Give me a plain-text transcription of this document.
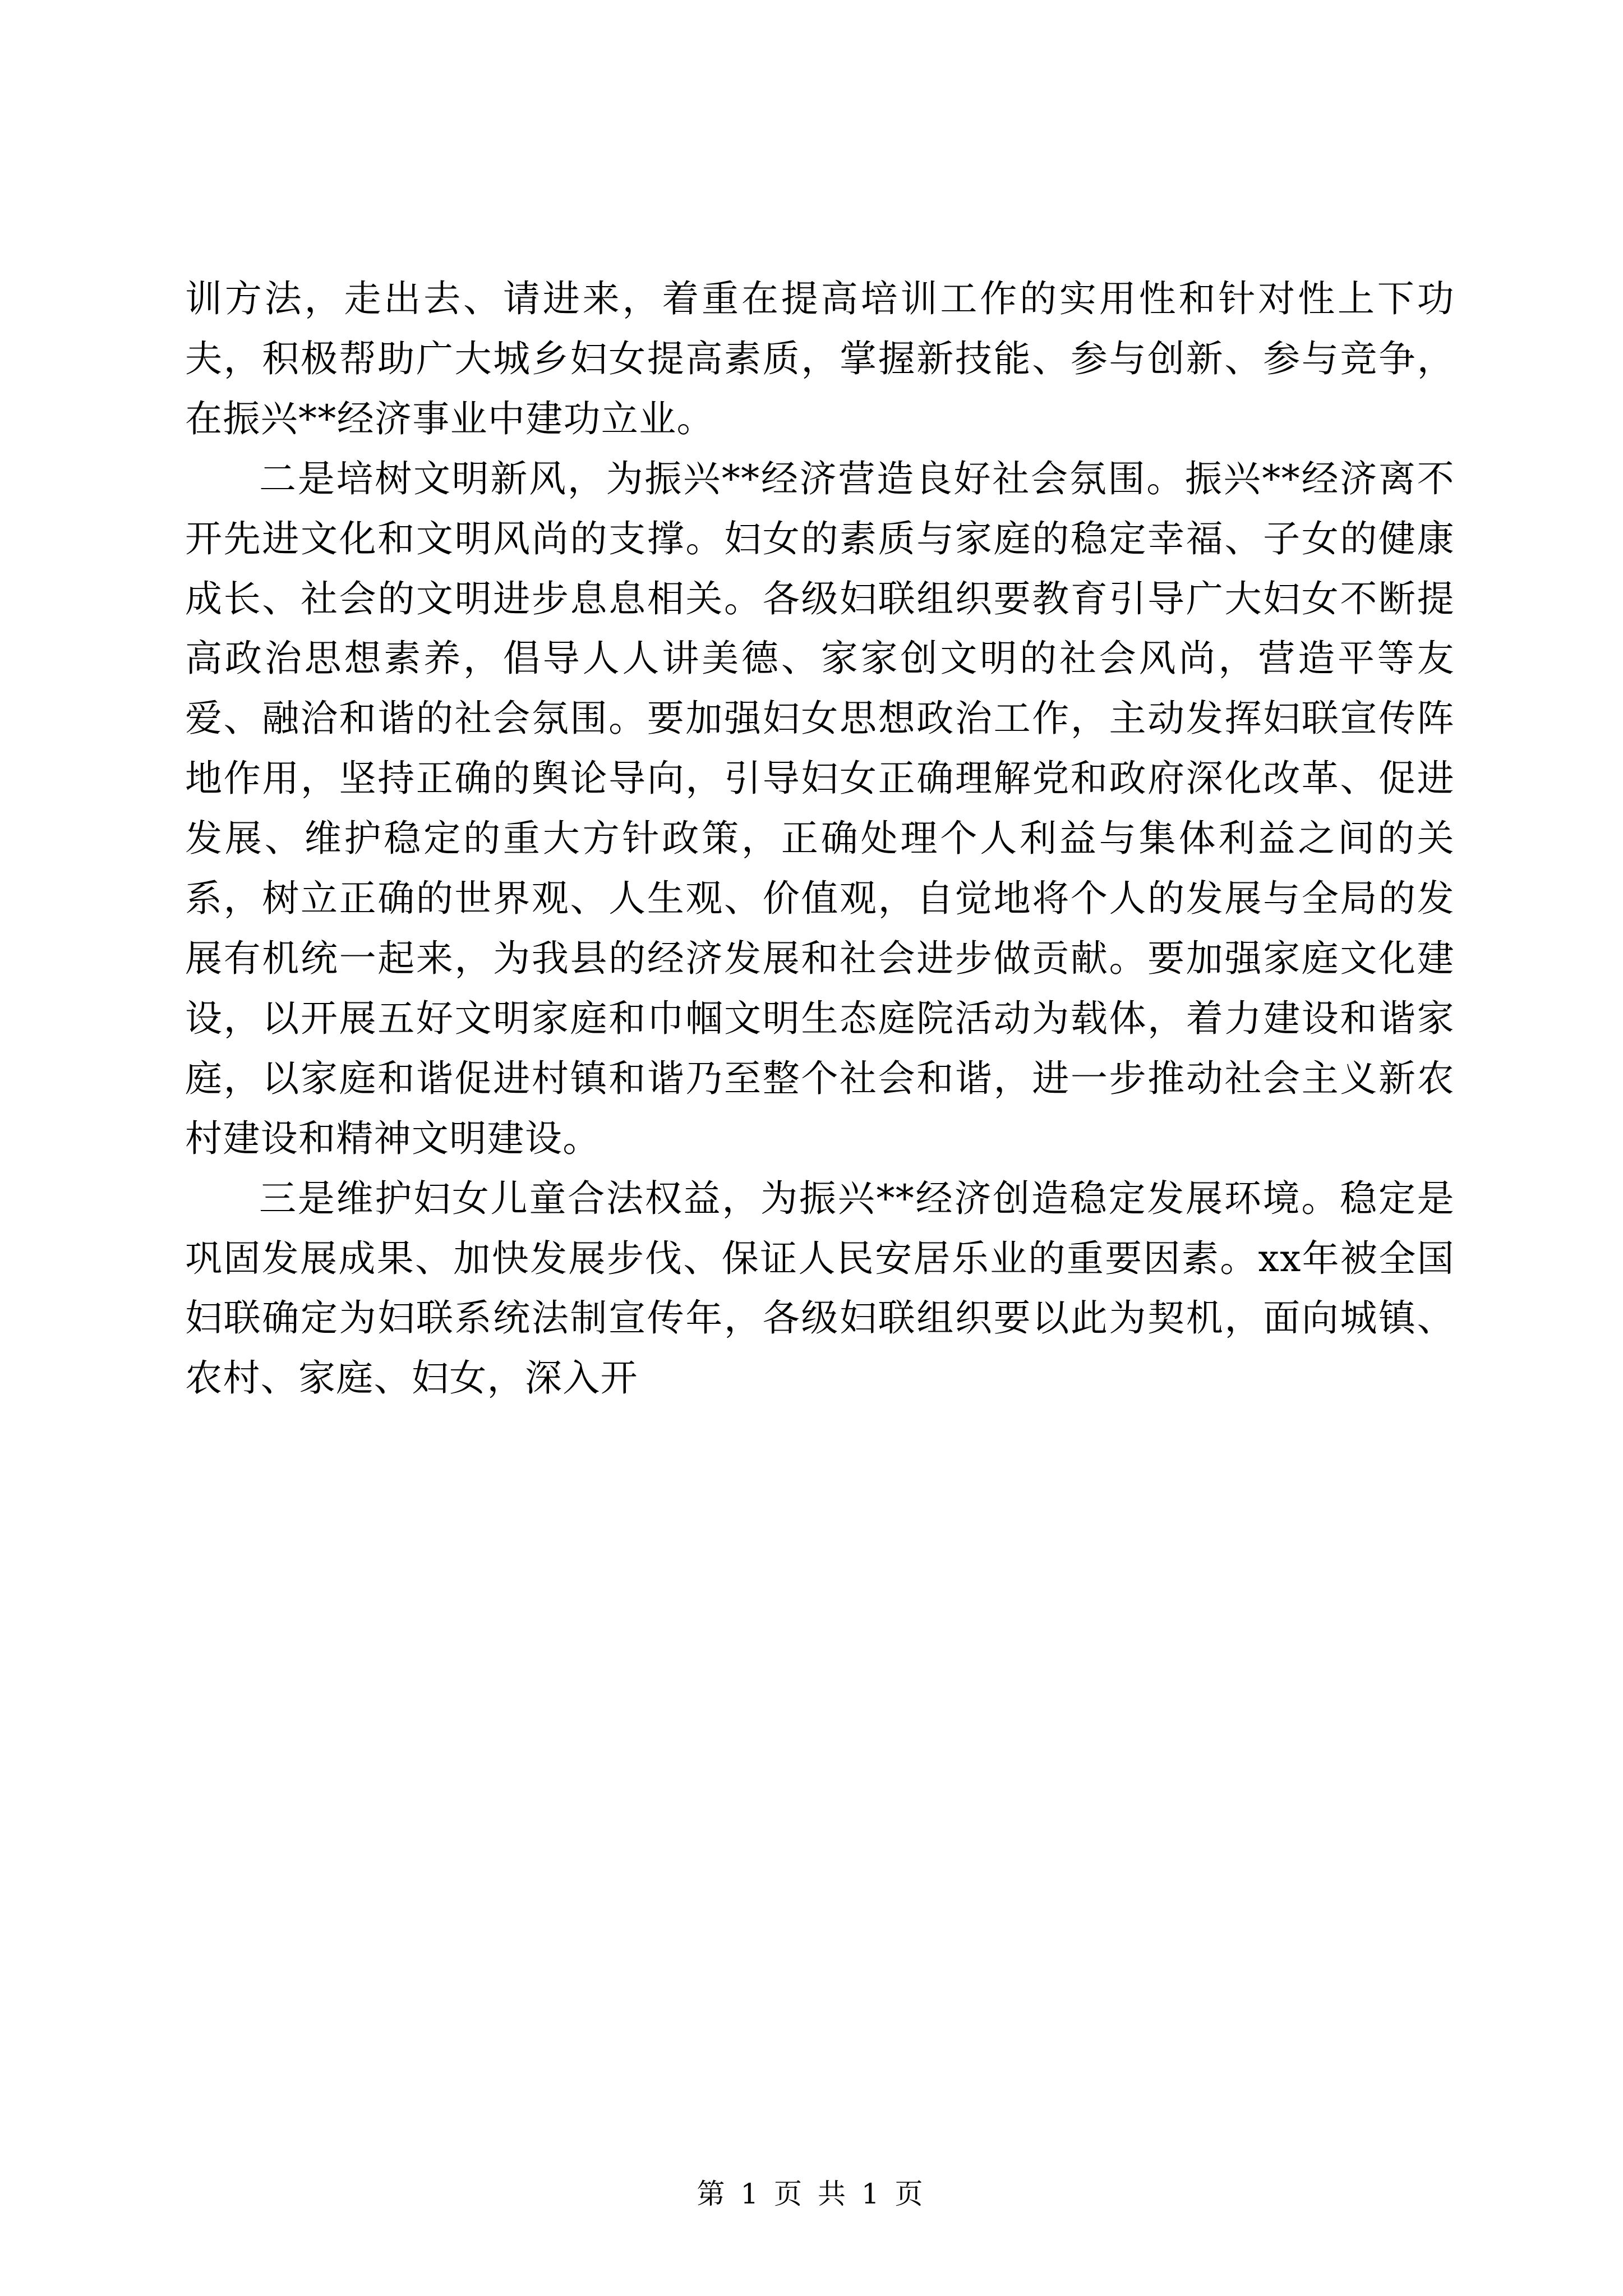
训方法，走出去、请进来，着重在提高培训工作的实用性和针对性上下功夫，积极帮助广大城乡妇女提高素质，掌握新技能、参与创新、参与竞争，在振兴**经济事业中建功立业。

二是培树文明新风，为振兴**经济营造良好社会氛围。振兴**经济离不开先进文化和文明风尚的支撑。妇女的素质与家庭的稳定幸福、子女的健康成长、社会的文明进步息息相关。各级妇联组织要教育引导广大妇女不断提高政治思想素养，倡导人人讲美德、家家创文明的社会风尚，营造平等友爱、融洽和谐的社会氛围。要加强妇女思想政治工作，主动发挥妇联宣传阵地作用，坚持正确的舆论导向，引导妇女正确理解党和政府深化改革、促进发展、维护稳定的重大方针政策，正确处理个人利益与集体利益之间的关系，树立正确的世界观、人生观、价值观，自觉地将个人的发展与全局的发展有机统一起来，为我县的经济发展和社会进步做贡献。要加强家庭文化建设，以开展五好文明家庭和巾帼文明生态庭院活动为载体，着力建设和谐家庭，以家庭和谐促进村镇和谐乃至整个社会和谐，进一步推动社会主义新农村建设和精神文明建设。

三是维护妇女儿童合法权益，为振兴**经济创造稳定发展环境。稳定是巩固发展成果、加快发展步伐、保证人民安居乐业的重要因素。xx年被全国妇联确定为妇联系统法制宣传年，各级妇联组织要以此为契机，面向城镇、农村、家庭、妇女，深入开

第 1 页 共 1 页
